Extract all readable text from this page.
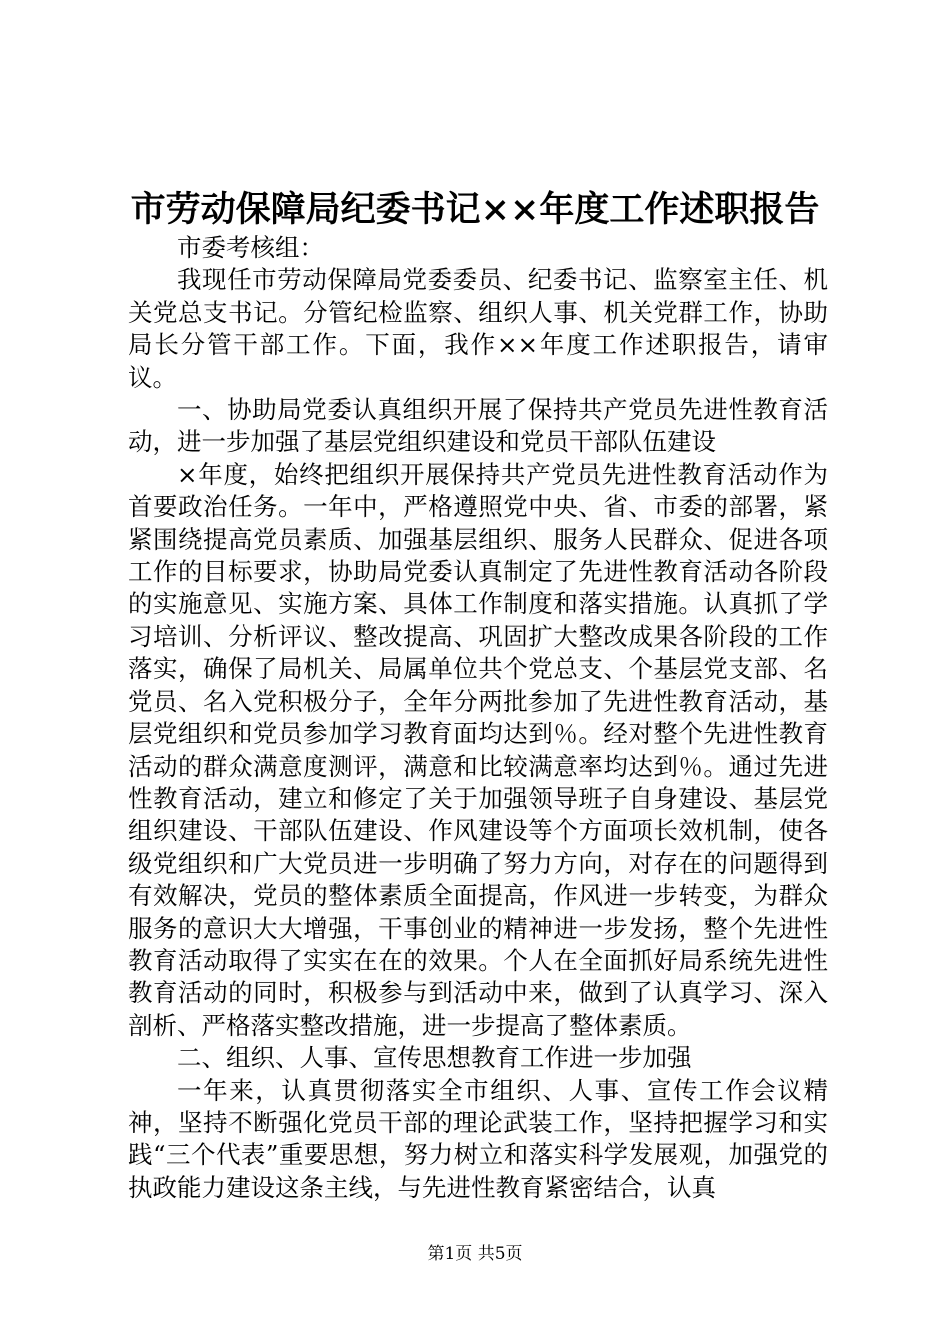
市劳动保障局纪委书记××年度工作述职报告

市委考核组：

我现任市劳动保障局党委委员、纪委书记、监察室主任、机关党总支书记。分管纪检监察、组织人事、机关党群工作，协助局长分管干部工作。下面，我作××年度工作述职报告，请审议。

一、协助局党委认真组织开展了保持共产党员先进性教育活动，进一步加强了基层党组织建设和党员干部队伍建设

×年度，始终把组织开展保持共产党员先进性教育活动作为首要政治任务。一年中，严格遵照党中央、省、市委的部署，紧紧围绕提高党员素质、加强基层组织、服务人民群众、促进各项工作的目标要求，协助局党委认真制定了先进性教育活动各阶段的实施意见、实施方案、具体工作制度和落实措施。认真抓了学习培训、分析评议、整改提高、巩固扩大整改成果各阶段的工作落实，确保了局机关、局属单位共个党总支、个基层党支部、名党员、名入党积极分子，全年分两批参加了先进性教育活动，基层党组织和党员参加学习教育面均达到％。经对整个先进性教育活动的群众满意度测评，满意和比较满意率均达到％。通过先进性教育活动，建立和修定了关于加强领导班子自身建设、基层党组织建设、干部队伍建设、作风建设等个方面项长效机制，使各级党组织和广大党员进一步明确了努力方向，对存在的问题得到有效解决，党员的整体素质全面提高，作风进一步转变，为群众服务的意识大大增强，干事创业的精神进一步发扬，整个先进性教育活动取得了实实在在的效果。个人在全面抓好局系统先进性教育活动的同时，积极参与到活动中来，做到了认真学习、深入剖析、严格落实整改措施，进一步提高了整体素质。

二、组织、人事、宣传思想教育工作进一步加强

一年来，认真贯彻落实全市组织、人事、宣传工作会议精神，坚持不断强化党员干部的理论武装工作，坚持把握学习和实践“三个代表”重要思想，努力树立和落实科学发展观，加强党的执政能力建设这条主线，与先进性教育紧密结合，认真

第1页 共5页
